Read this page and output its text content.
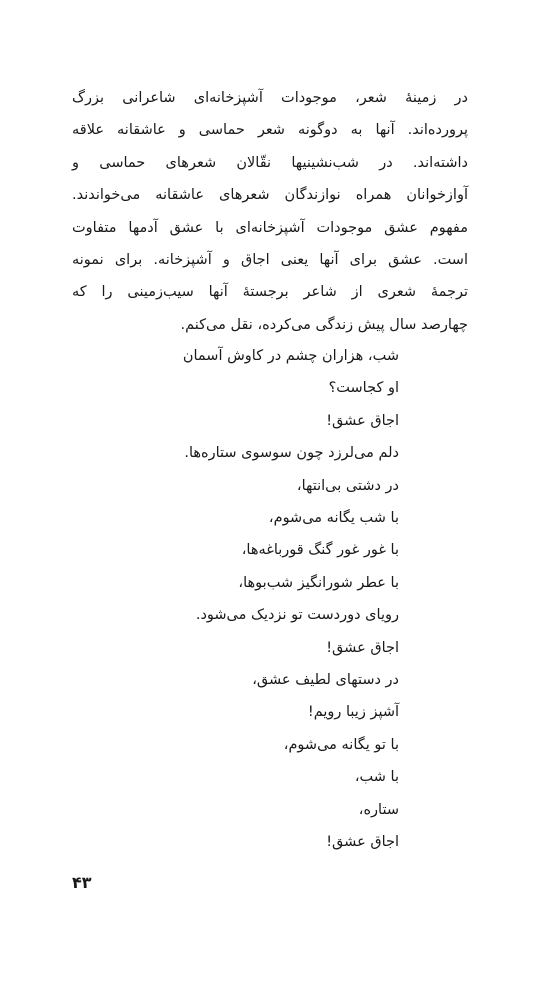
در زمینهٔ شعر، موجودات آشپزخانه‌ای شاعرانی بزرگ
پرورده‌اند. آنها به دوگونه شعر حماسی و عاشقانه علاقه
داشته‌اند. در شب‌نشینیها نقّالان شعرهای حماسی و
آوازخوانان همراه نوازندگان شعرهای عاشقانه می‌خواندند.
مفهوم عشق موجودات آشپزخانه‌ای با عشق آدمها متفاوت
است. عشق برای آنها یعنی اجاق و آشپزخانه. برای نمونه
ترجمهٔ شعری از شاعر برجستهٔ آنها سیب‌زمینی را که
چهارصد سال پیش زندگی می‌کرده، نقل می‌کنم.
شب، هزاران چشم در کاوش آسمان
او کجاست؟
اجاق عشق!
دلم می‌لرزد چون سوسوی ستاره‌ها.
در دشتی بی‌انتها،
با شب یگانه می‌شوم،
با غور غور گنگ قورباغه‌ها،
با عطر شورانگیز شب‌بوها،
رویای دوردست تو نزدیک می‌شود.
اجاق عشق!
در دستهای لطیف عشق،
آشپز زیبا رویم!
با تو یگانه می‌شوم،
با شب،
ستاره،
اجاق عشق!
۴۳
